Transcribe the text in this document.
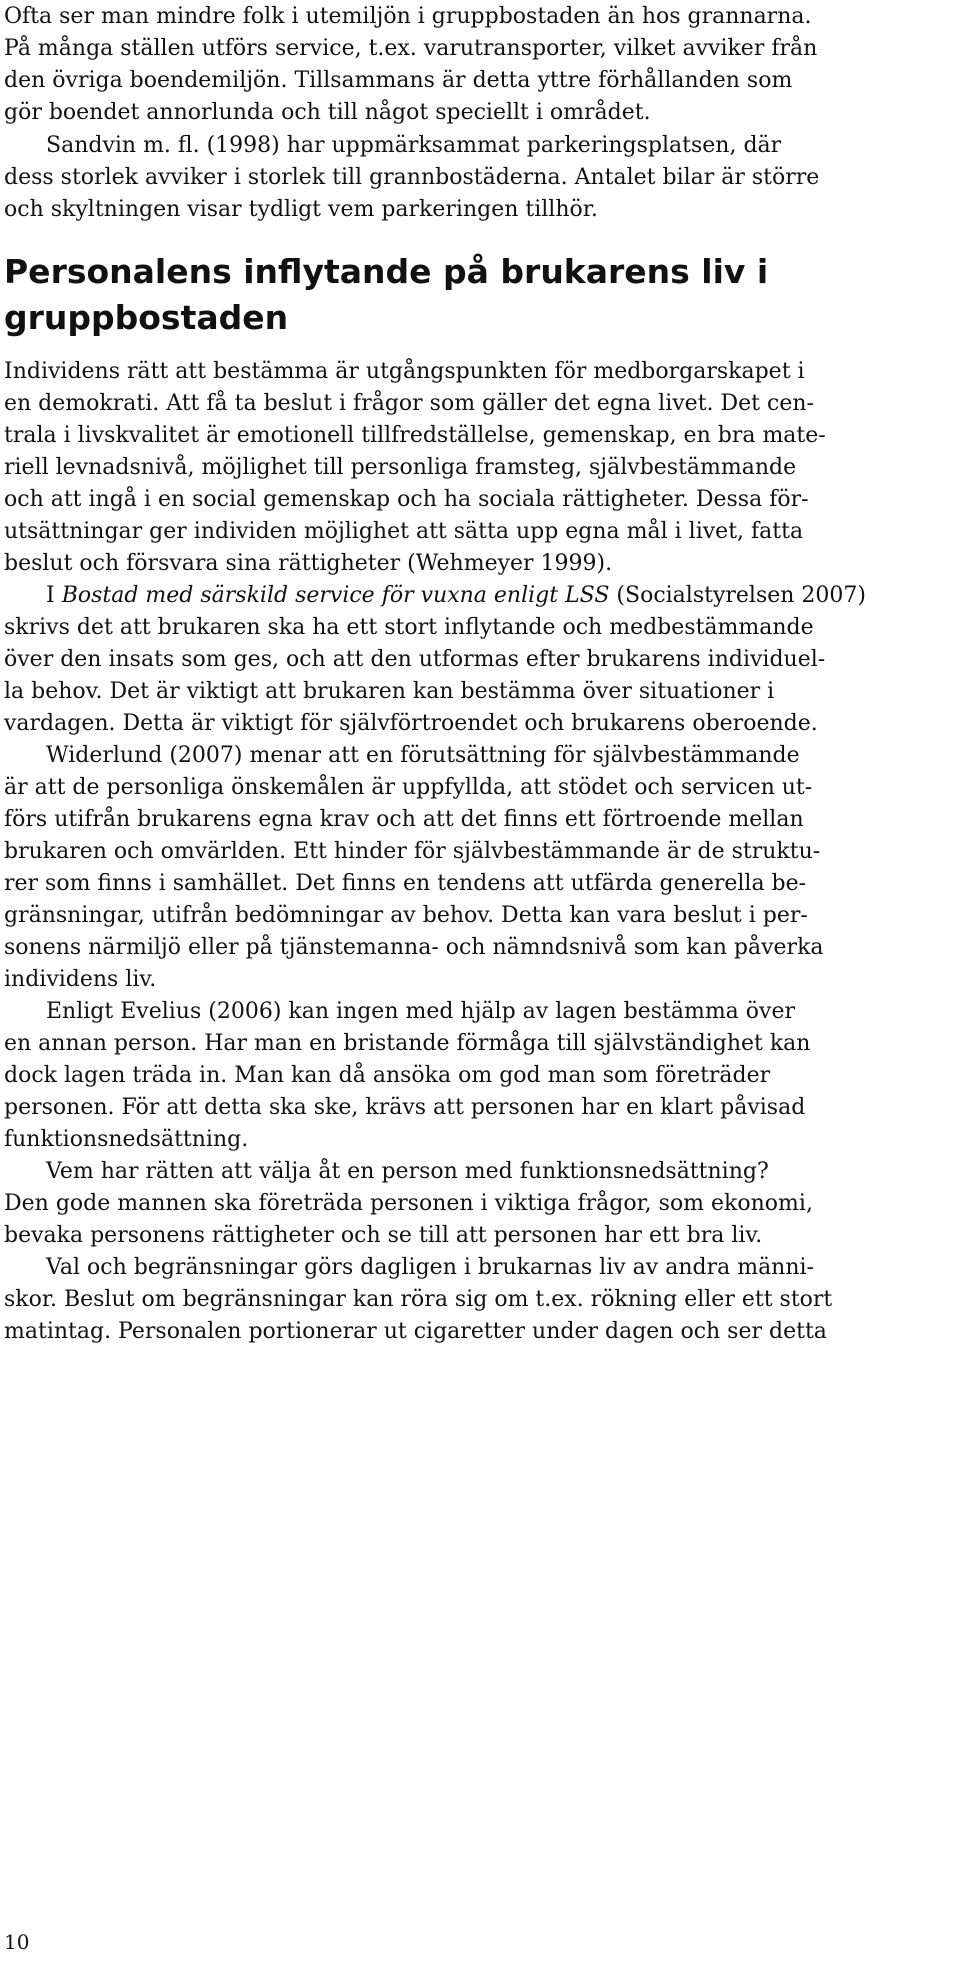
Ofta ser man mindre folk i utemiljön i gruppbostaden än hos grannarna.
På många ställen utförs service, t.ex. varutransporter, vilket avviker från
den övriga boendemiljön. Tillsammans är detta yttre förhållanden som
gör boendet annorlunda och till något speciellt i området.
Sandvin m. fl. (1998) har uppmärksammat parkeringsplatsen, där
dess storlek avviker i storlek till grannbostäderna. Antalet bilar är större
och skyltningen visar tydligt vem parkeringen tillhör.
Personalens inflytande på brukarens liv i
gruppbostaden
Individens rätt att bestämma är utgångspunkten för medborgarskapet i
en demokrati. Att få ta beslut i frågor som gäller det egna livet. Det cen-
trala i livskvalitet är emotionell tillfredställelse, gemenskap, en bra mate-
riell levnadsnivå, möjlighet till personliga framsteg, självbestämmande
och att ingå i en social gemenskap och ha sociala rättigheter. Dessa för-
utsättningar ger individen möjlighet att sätta upp egna mål i livet, fatta
beslut och försvara sina rättigheter (Wehmeyer 1999).
I Bostad med särskild service för vuxna enligt LSS (Socialstyrelsen 2007)
skrivs det att brukaren ska ha ett stort inflytande och medbestämmande
över den insats som ges, och att den utformas efter brukarens individuel-
la behov. Det är viktigt att brukaren kan bestämma över situationer i
vardagen. Detta är viktigt för självförtroendet och brukarens oberoende.
Widerlund (2007) menar att en förutsättning för självbestämmande
är att de personliga önskemålen är uppfyllda, att stödet och servicen ut-
förs utifrån brukarens egna krav och att det finns ett förtroende mellan
brukaren och omvärlden. Ett hinder för självbestämmande är de struktu-
rer som finns i samhället. Det finns en tendens att utfärda generella be-
gränsningar, utifrån bedömningar av behov. Detta kan vara beslut i per-
sonens närmiljö eller på tjänstemanna- och nämndsnivå som kan påverka
individens liv.
Enligt Evelius (2006) kan ingen med hjälp av lagen bestämma över
en annan person. Har man en bristande förmåga till självständighet kan
dock lagen träda in. Man kan då ansöka om god man som företräder
personen. För att detta ska ske, krävs att personen har en klart påvisad
funktionsnedsättning.
Vem har rätten att välja åt en person med funktionsnedsättning?
Den gode mannen ska företräda personen i viktiga frågor, som ekonomi,
bevaka personens rättigheter och se till att personen har ett bra liv.
Val och begränsningar görs dagligen i brukarnas liv av andra männi-
skor. Beslut om begränsningar kan röra sig om t.ex. rökning eller ett stort
matintag. Personalen portionerar ut cigaretter under dagen och ser detta
10
